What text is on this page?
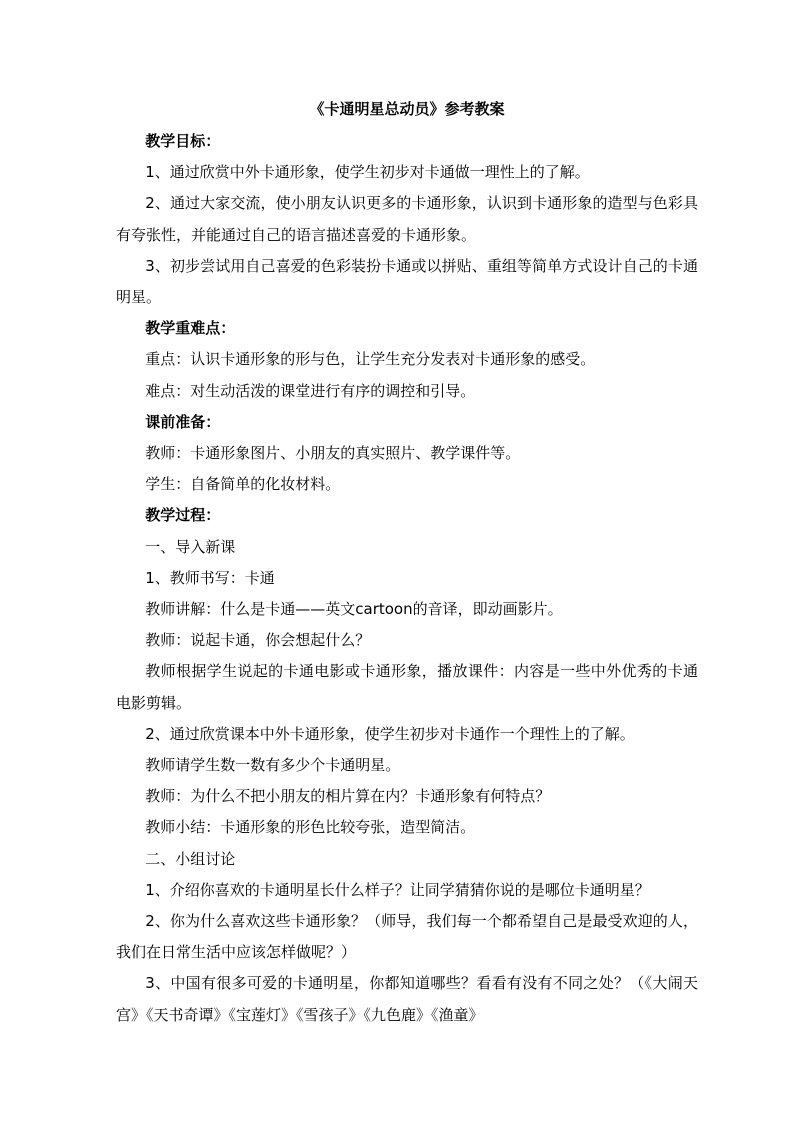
《卡通明星总动员》参考教案

教学目标：

1、通过欣赏中外卡通形象，使学生初步对卡通做一理性上的了解。

2、通过大家交流，使小朋友认识更多的卡通形象，认识到卡通形象的造型与色彩具有夸张性，并能通过自己的语言描述喜爱的卡通形象。

3、初步尝试用自己喜爱的色彩装扮卡通或以拼贴、重组等简单方式设计自己的卡通明星。

教学重难点：

重点：认识卡通形象的形与色，让学生充分发表对卡通形象的感受。

难点：对生动活泼的课堂进行有序的调控和引导。

课前准备：

教师：卡通形象图片、小朋友的真实照片、教学课件等。

学生：自备简单的化妆材料。

教学过程：

一、导入新课

1、教师书写：卡通

教师讲解：什么是卡通——英文cartoon的音译，即动画影片。

教师：说起卡通，你会想起什么？

教师根据学生说起的卡通电影或卡通形象，播放课件：内容是一些中外优秀的卡通电影剪辑。

2、通过欣赏课本中外卡通形象，使学生初步对卡通作一个理性上的了解。

教师请学生数一数有多少个卡通明星。

教师：为什么不把小朋友的相片算在内？卡通形象有何特点？

教师小结：卡通形象的形色比较夸张，造型简洁。

二、小组讨论

1、介绍你喜欢的卡通明星长什么样子？让同学猜猜你说的是哪位卡通明星？

2、你为什么喜欢这些卡通形象？（师导，我们每一个都希望自己是最受欢迎的人，我们在日常生活中应该怎样做呢？）

3、中国有很多可爱的卡通明星，你都知道哪些？看看有没有不同之处？（《大闹天宫》《天书奇谭》《宝莲灯》《雪孩子》《九色鹿》《渔童》
